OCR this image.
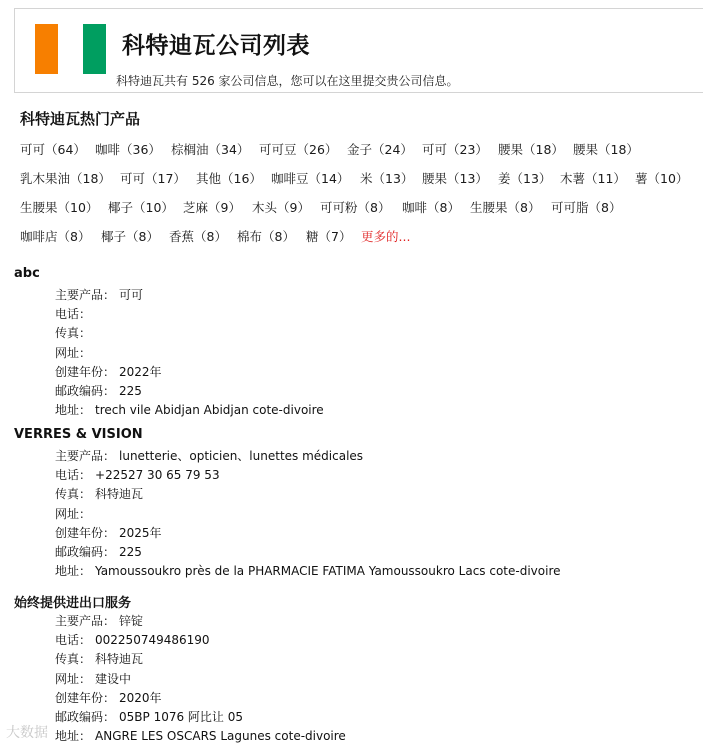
科特迪瓦公司列表
科特迪瓦共有 526 家公司信息，您可以在这里提交贵公司信息。
科特迪瓦热门产品
可可（64） 咖啡（36） 棕榈油（34） 可可豆（26） 金子（24） 可可（23） 腰果（18） 腰果（18）
乳木果油（18） 可可（17） 其他（16） 咖啡豆（14） 米（13） 腰果（13） 姜（13） 木薯（11） 薯（10）
生腰果（10） 椰子（10） 芝麻（9） 木头（9） 可可粉（8） 咖啡（8） 生腰果（8） 可可脂（8）
咖啡店（8） 椰子（8） 香蕉（8） 棉布（8） 糖（7） 更多的...
abc
主要产品： 可可
电话：
传真：
网址：
创建年份： 2022年
邮政编码： 225
地址： trech vile Abidjan Abidjan cote-divoire
VERRES & VISION
主要产品： lunetterie、opticien、lunettes médicales
电话： +22527 30 65 79 53
传真： 科特迪瓦
网址：
创建年份： 2025年
邮政编码： 225
地址： Yamoussoukro près de la PHARMACIE FATIMA Yamoussoukro Lacs cote-divoire
始终提供进出口服务
主要产品： 锌锭
电话： 002250749486190
传真： 科特迪瓦
网址： 建设中
创建年份： 2020年
邮政编码： 05BP 1076 阿比让 05
地址： ANGRE LES OSCARS Lagunes cote-divoire
大数据
